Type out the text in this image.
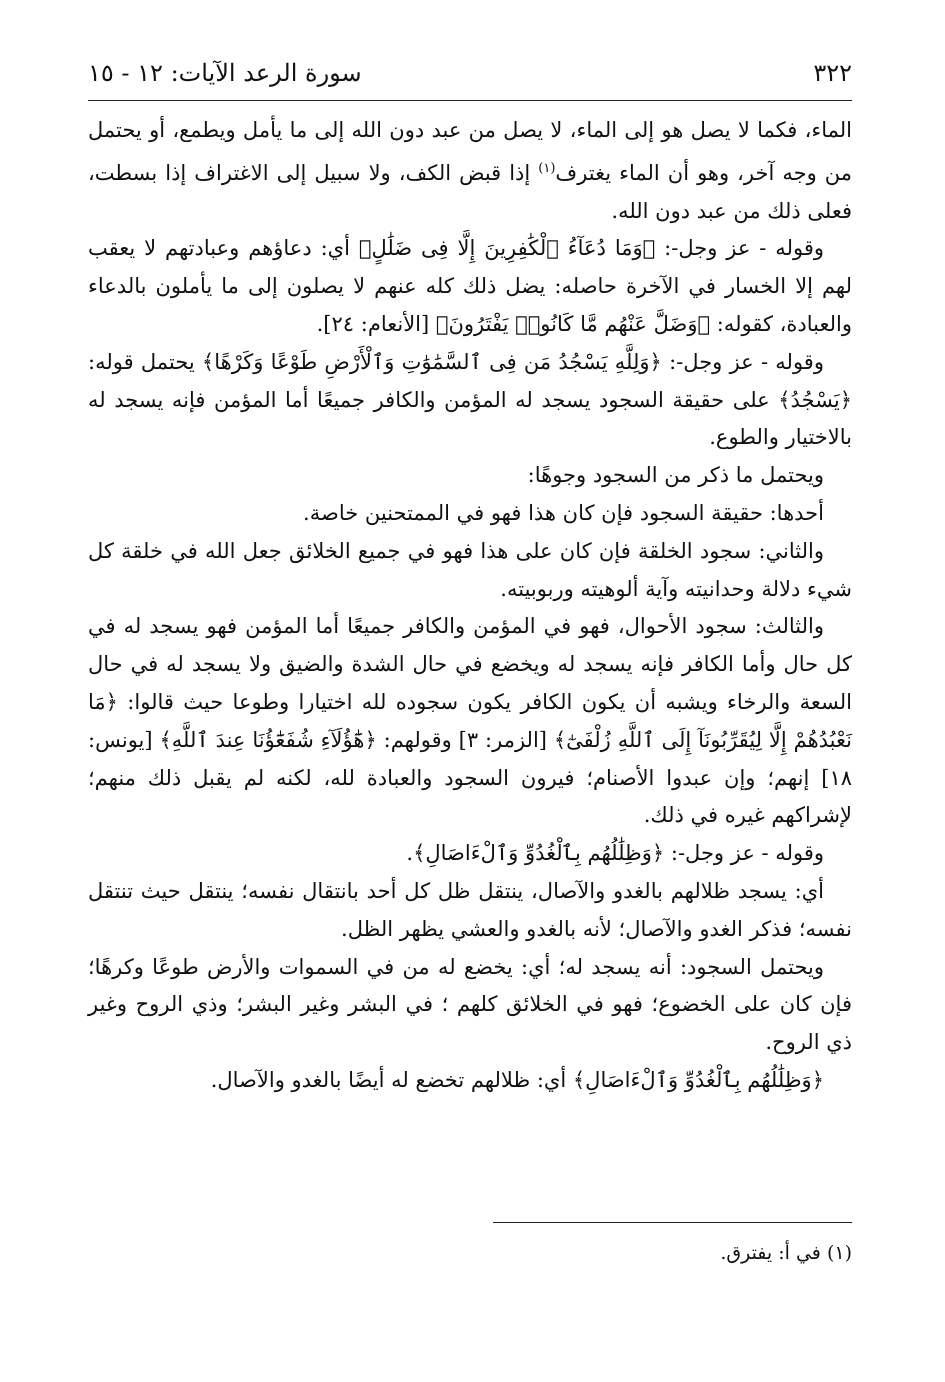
٣٢٢
سورة الرعد الآيات: ١٢ - ١٥

الماء، فكما لا يصل هو إلى الماء، لا يصل من عبد دون الله إلى ما يأمل ويطمع، أو يحتمل من وجه آخر، وهو أن الماء يغترف$^{(١)}$ إذا قبض الكف، ولا سبيل إلى الاغتراف إذا بسطت، فعلى ذلك من عبد دون الله.

وقوله - عز وجل-: ﴿وَمَا دُعَآءُ ٱلْكَٰفِرِينَ إِلَّا فِى ضَلَٰلٍ﴾ أي: دعاؤهم وعبادتهم لا يعقب لهم إلا الخسار في الآخرة حاصله: يضل ذلك كله عنهم لا يصلون إلى ما يأملون بالدعاء والعبادة، كقوله: ﴿وَضَلَّ عَنْهُم مَّا كَانُوا۟ يَفْتَرُونَ﴾ [الأنعام: ٢٤].

وقوله - عز وجل-: ﴿وَلِلَّهِ يَسْجُدُ مَن فِى ٱلسَّمَٰوَٰتِ وَٱلْأَرْضِ طَوْعًا وَكَرْهًا﴾ يحتمل قوله: ﴿يَسْجُدُ﴾ على حقيقة السجود يسجد له المؤمن والكافر جميعًا أما المؤمن فإنه يسجد له بالاختيار والطوع.

ويحتمل ما ذكر من السجود وجوهًا:

أحدها: حقيقة السجود فإن كان هذا فهو في الممتحنين خاصة.

والثاني: سجود الخلقة فإن كان على هذا فهو في جميع الخلائق جعل الله في خلقة كل شيء دلالة وحدانيته وآية ألوهيته وربوبيته.

والثالث: سجود الأحوال، فهو في المؤمن والكافر جميعًا أما المؤمن فهو يسجد له في كل حال وأما الكافر فإنه يسجد له ويخضع في حال الشدة والضيق ولا يسجد له في حال السعة والرخاء ويشبه أن يكون الكافر يكون سجوده لله اختيارا وطوعا حيث قالوا: ﴿مَا نَعْبُدُهُمْ إِلَّا لِيُقَرِّبُونَآ إِلَى ٱللَّهِ زُلْفَىٰٓ﴾ [الزمر: ٣] وقولهم: ﴿هَٰٓؤُلَآءِ شُفَعَٰٓؤُنَا عِندَ ٱللَّهِ﴾ [يونس: ١٨] إنهم؛ وإن عبدوا الأصنام؛ فيرون السجود والعبادة لله، لكنه لم يقبل ذلك منهم؛ لإشراكهم غيره في ذلك.

وقوله - عز وجل-: ﴿وَظِلَٰلُهُم بِٱلْغُدُوِّ وَٱلْءَاصَالِ﴾.

أي: يسجد ظلالهم بالغدو والآصال، ينتقل ظل كل أحد بانتقال نفسه؛ ينتقل حيث تنتقل نفسه؛ فذكر الغدو والآصال؛ لأنه بالغدو والعشي يظهر الظل.

ويحتمل السجود: أنه يسجد له؛ أي: يخضع له من في السموات والأرض طوعًا وكرهًا؛ فإن كان على الخضوع؛ فهو في الخلائق كلهم ؛ في البشر وغير البشر؛ وذي الروح وغير ذي الروح.

﴿وَظِلَٰلُهُم بِٱلْغُدُوِّ وَٱلْءَاصَالِ﴾ أي: ظلالهم تخضع له أيضًا بالغدو والآصال.

(١) في أ: يفترق.
